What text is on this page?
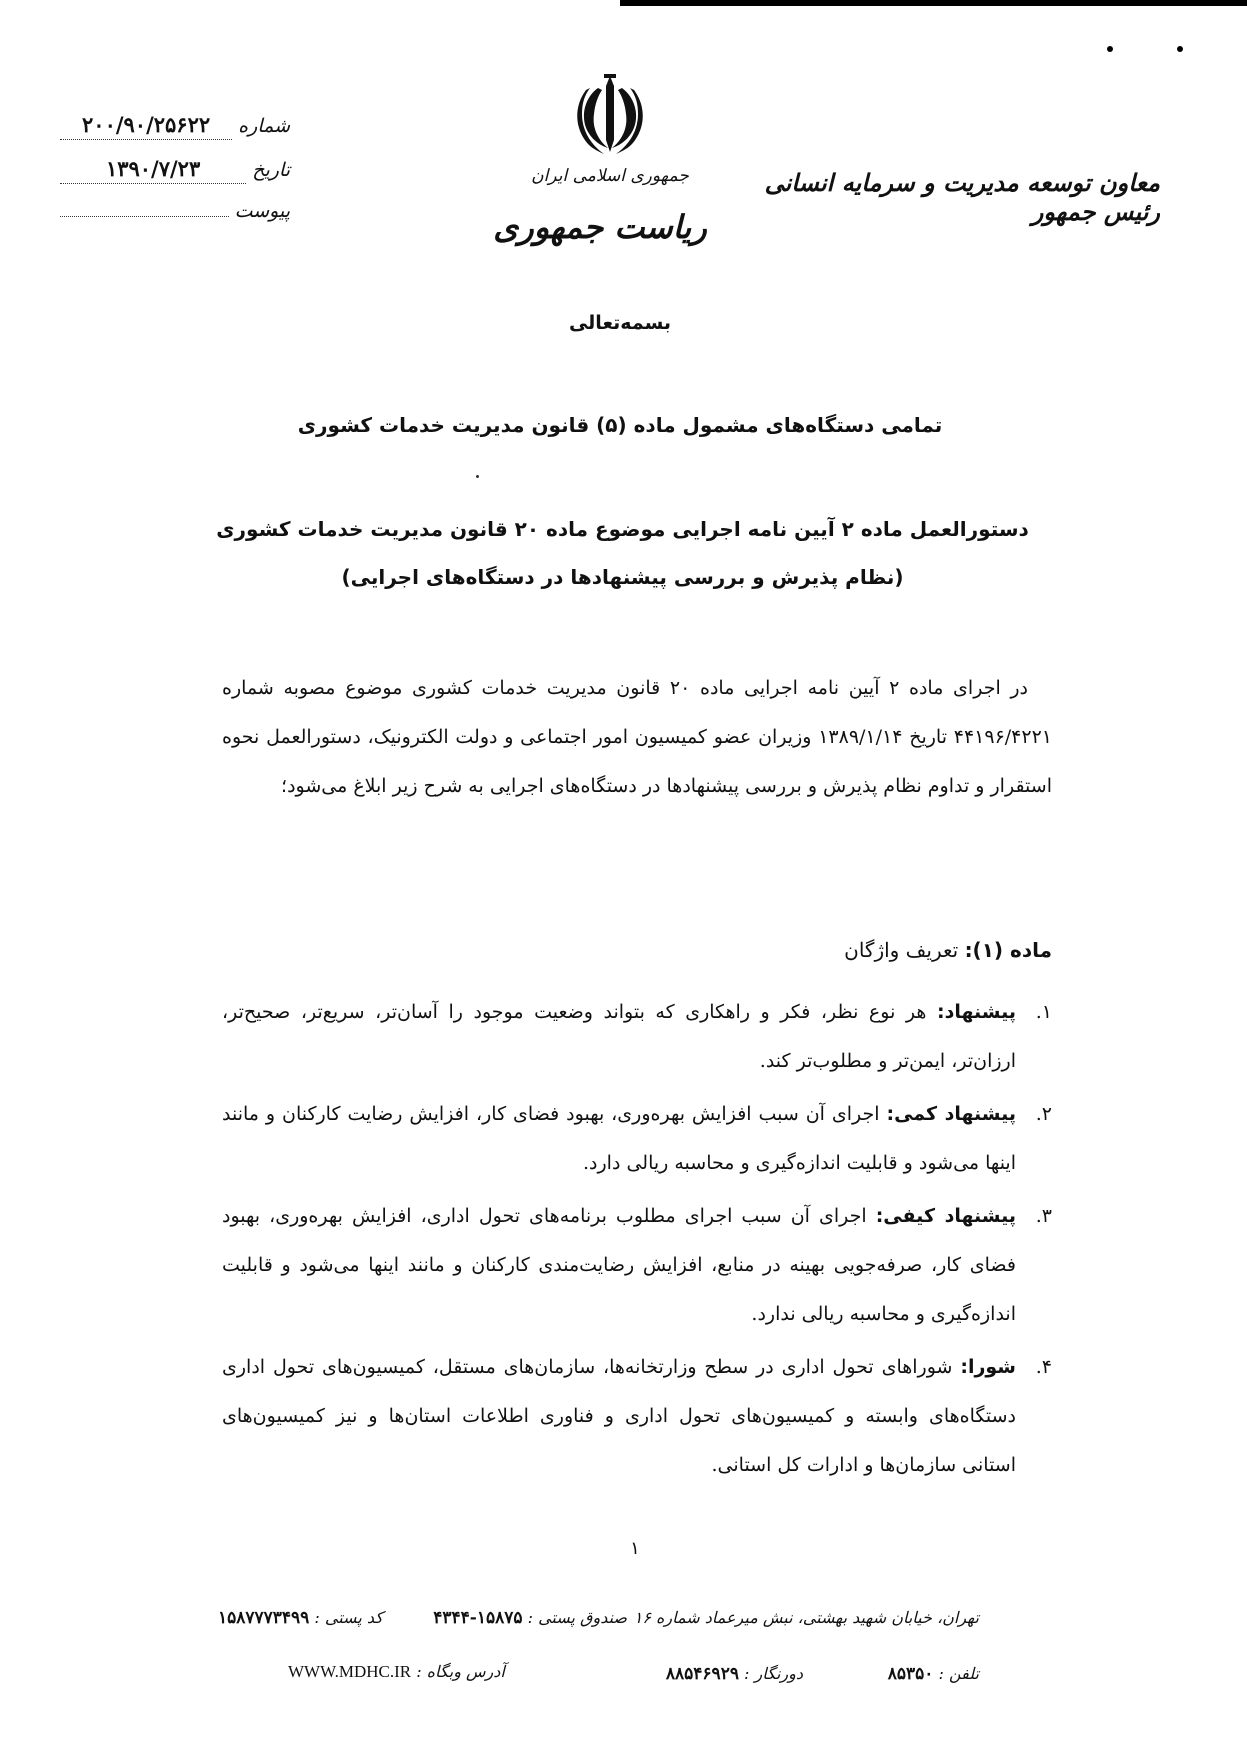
شماره
۲۰۰/۹۰/۲۵۶۲۲
تاریخ
۱۳۹۰/۷/۲۳
پیوست
جمهوری اسلامی ایران
ریاست جمهوری
معاون توسعه مدیریت و سرمایه انسانی رئیس جمهور
بسمه‌تعالی
تمامی دستگاه‌های مشمول ماده (۵) قانون مدیریت خدمات کشوری
دستورالعمل ماده ۲ آیین نامه اجرایی موضوع ماده ۲۰ قانون مدیریت خدمات کشوری
(نظام پذیرش و بررسی پیشنهادها در دستگاه‌های اجرایی)
در اجرای ماده ۲ آیین نامه اجرایی ماده ۲۰ قانون مدیریت خدمات کشوری موضوع مصوبه شماره ۴۴۱۹۶/۴۲۲۱ تاریخ ۱۳۸۹/۱/۱۴ وزیران عضو کمیسیون امور اجتماعی و دولت الکترونیک، دستورالعمل نحوه استقرار و تداوم نظام پذیرش و بررسی پیشنهادها در دستگاه‌های اجرایی به شرح زیر ابلاغ می‌شود؛
ماده (۱): تعریف واژگان
۱.
پیشنهاد: هر نوع نظر، فکر و راهکاری که بتواند وضعیت موجود را آسان‌تر، سریع‌تر، صحیح‌تر، ارزان‌تر، ایمن‌تر و مطلوب‌تر کند.
۲.
پیشنهاد کمی: اجرای آن سبب افزایش بهره‌وری، بهبود فضای کار، افزایش رضایت کارکنان و مانند اینها می‌شود و قابلیت اندازه‌گیری و محاسبه ریالی دارد.
۳.
پیشنهاد کیفی: اجرای آن سبب اجرای مطلوب برنامه‌های تحول اداری، افزایش بهره‌وری، بهبود فضای کار، صرفه‌جویی بهینه در منابع، افزایش رضایت‌مندی کارکنان و مانند اینها می‌شود و قابلیت اندازه‌گیری و محاسبه ریالی ندارد.
۴.
شورا: شوراهای تحول اداری در سطح وزارتخانه‌ها، سازمان‌های مستقل، کمیسیون‌های تحول اداری دستگاه‌های وابسته و کمیسیون‌های تحول اداری و فناوری اطلاعات استان‌ها و نیز کمیسیون‌های استانی سازمان‌ها و ادارات کل استانی.
۱
تهران، خیابان شهید بهشتی، نبش میرعماد شماره ۱۶
صندوق پستی : ۱۵۸۷۵-۴۳۴۴
کد پستی : ۱۵۸۷۷۷۳۴۹۹
تلفن : ۸۵۳۵۰
دورنگار : ۸۸۵۴۶۹۲۹
آدرس وبگاه : WWW.MDHC.IR
